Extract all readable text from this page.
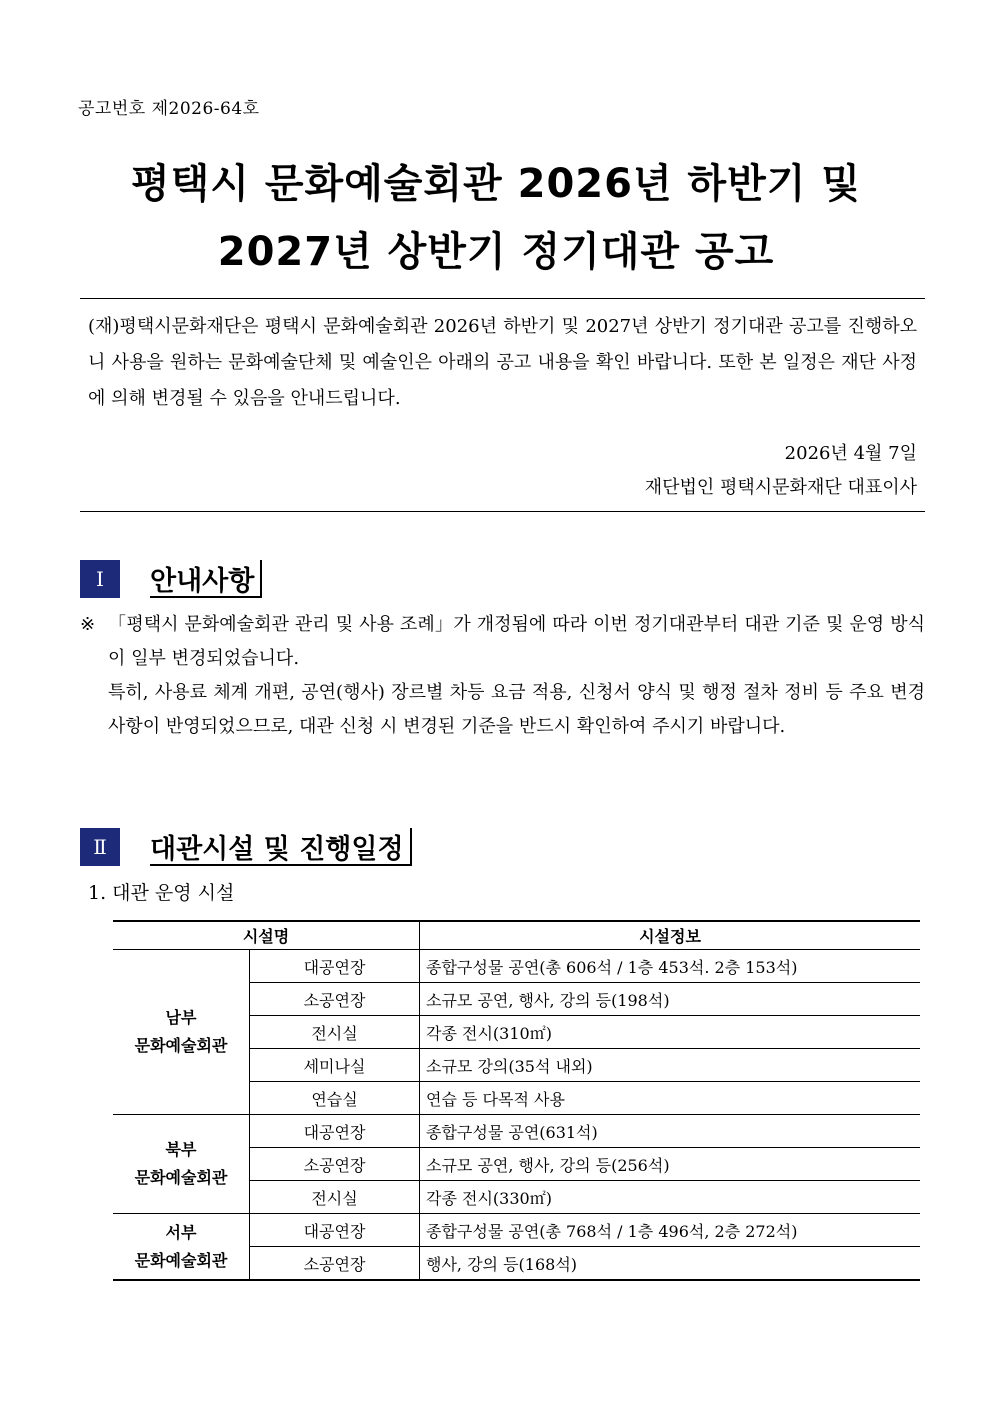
공고번호 제2026-64호
평택시 문화예술회관 2026년 하반기 및
2027년 상반기 정기대관 공고
(재)평택시문화재단은 평택시 문화예술회관 2026년 하반기 및 2027년 상반기 정기대관 공고를 진행하오니 사용을 원하는 문화예술단체 및 예술인은 아래의 공고 내용을 확인 바랍니다. 또한 본 일정은 재단 사정에 의해 변경될 수 있음을 안내드립니다.
2026년 4월 7일
재단법인 평택시문화재단 대표이사
Ⅰ	안내사항
※ 「평택시 문화예술회관 관리 및 사용 조례」가 개정됨에 따라 이번 정기대관부터 대관 기준 및 운영 방식이 일부 변경되었습니다.
특히, 사용료 체계 개편, 공연(행사) 장르별 차등 요금 적용, 신청서 양식 및 행정 절차 정비 등 주요 변경 사항이 반영되었으므로, 대관 신청 시 변경된 기준을 반드시 확인하여 주시기 바랍니다.
Ⅱ	대관시설 및 진행일정
1. 대관 운영 시설
시설명		시설정보

남부
문화예술회관	대공연장	종합구성물 공연(총 606석 / 1층 453석. 2층 153석)
	소공연장	소규모 공연, 행사, 강의 등(198석)
	전시실	각종 전시(310㎡)
	세미나실	소규모 강의(35석 내외)
	연습실	연습 등 다목적 사용

북부
문화예술회관	대공연장	종합구성물 공연(631석)
	소공연장	소규모 공연, 행사, 강의 등(256석)
	전시실	각종 전시(330㎡)

서부
문화예술회관	대공연장	종합구성물 공연(총 768석 / 1층 496석, 2층 272석)
	소공연장	행사, 강의 등(168석)
